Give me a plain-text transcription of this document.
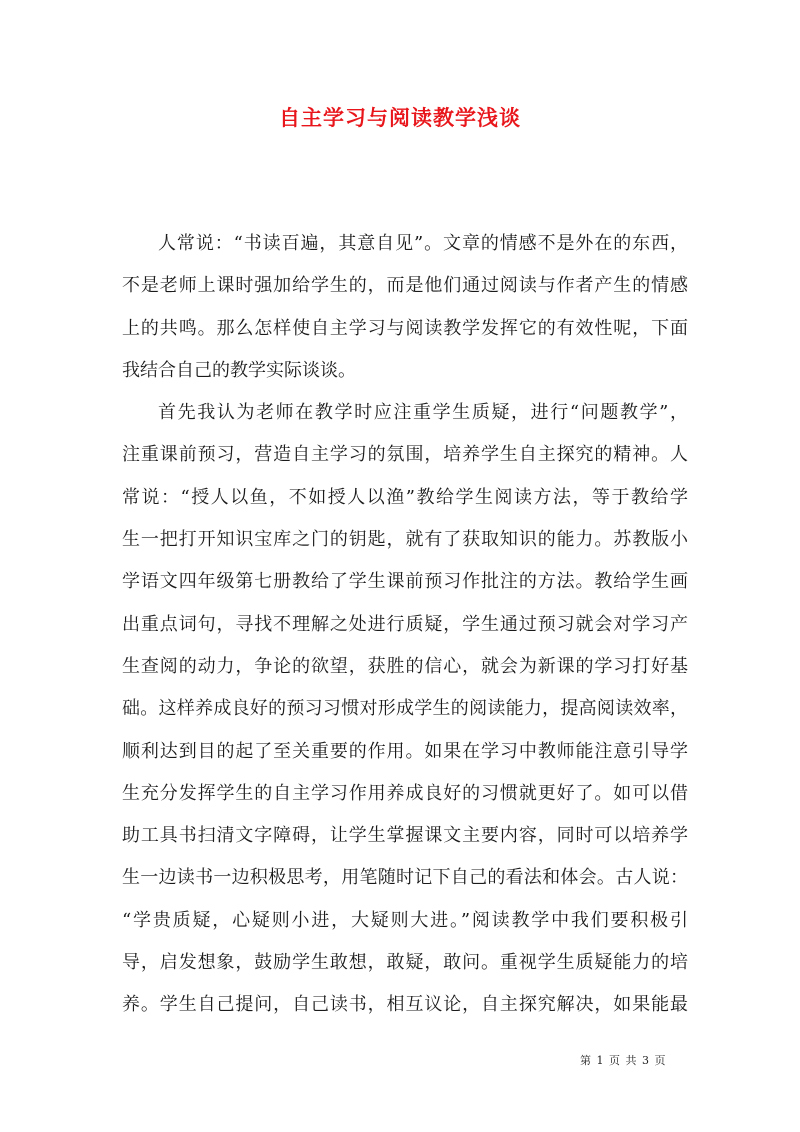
自主学习与阅读教学浅谈
人常说：“书读百遍，其意自见”。文章的情感不是外在的东西，
不是老师上课时强加给学生的，而是他们通过阅读与作者产生的情感
上的共鸣。那么怎样使自主学习与阅读教学发挥它的有效性呢，下面
我结合自己的教学实际谈谈。
首先我认为老师在教学时应注重学生质疑，进行“问题教学”，
注重课前预习，营造自主学习的氛围，培养学生自主探究的精神。人
常说：“授人以鱼，不如授人以渔”教给学生阅读方法，等于教给学
生一把打开知识宝库之门的钥匙，就有了获取知识的能力。苏教版小
学语文四年级第七册教给了学生课前预习作批注的方法。教给学生画
出重点词句，寻找不理解之处进行质疑，学生通过预习就会对学习产
生查阅的动力，争论的欲望，获胜的信心，就会为新课的学习打好基
础。这样养成良好的预习习惯对形成学生的阅读能力，提高阅读效率，
顺利达到目的起了至关重要的作用。如果在学习中教师能注意引导学
生充分发挥学生的自主学习作用养成良好的习惯就更好了。如可以借
助工具书扫清文字障碍，让学生掌握课文主要内容，同时可以培养学
生一边读书一边积极思考，用笔随时记下自己的看法和体会。古人说：
“学贵质疑，心疑则小进，大疑则大进。”阅读教学中我们要积极引
导，启发想象，鼓励学生敢想，敢疑，敢问。重视学生质疑能力的培
养。学生自己提问，自己读书，相互议论，自主探究解决，如果能最
第 1 页 共 3 页
